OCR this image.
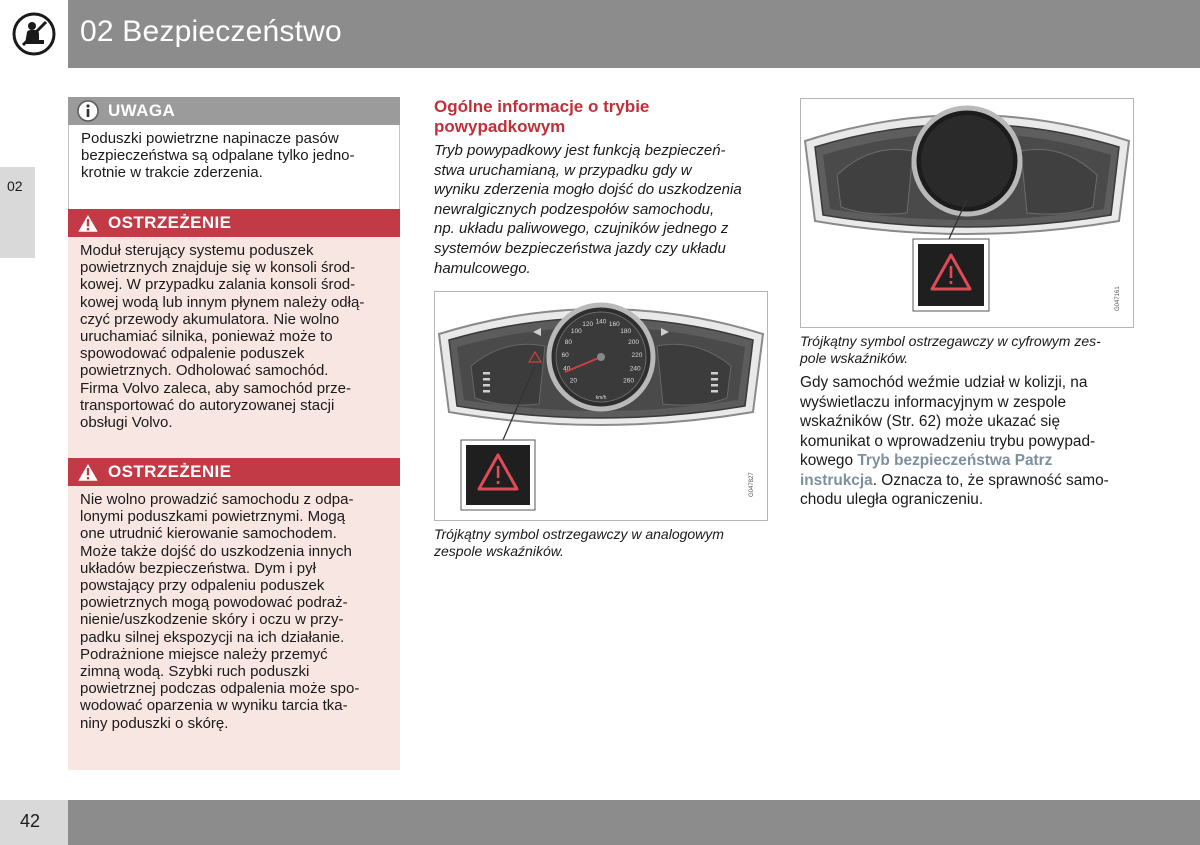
02 Bezpieczeństwo
02
UWAGA
Poduszki powietrzne napinacze pasów
bezpieczeństwa są odpalane tylko jedno-
krotnie w trakcie zderzenia.
OSTRZEŻENIE
Moduł sterujący systemu poduszek
powietrznych znajduje się w konsoli środ-
kowej. W przypadku zalania konsoli środ-
kowej wodą lub innym płynem należy odłą-
czyć przewody akumulatora. Nie wolno
uruchamiać silnika, ponieważ może to
spowodować odpalenie poduszek
powietrznych. Odholować samochód.
Firma Volvo zaleca, aby samochód prze-
transportować do autoryzowanej stacji
obsługi Volvo.
OSTRZEŻENIE
Nie wolno prowadzić samochodu z odpa-
lonymi poduszkami powietrznymi. Mogą
one utrudnić kierowanie samochodem.
Może także dojść do uszkodzenia innych
układów bezpieczeństwa. Dym i pył
powstający przy odpaleniu poduszek
powietrznych mogą powodować podraż-
nienie/uszkodzenie skóry i oczu w przy-
padku silnej ekspozycji na ich działanie.
Podrażnione miejsce należy przemyć
zimną wodą. Szybki ruch poduszki
powietrznej podczas odpalenia może spo-
wodować oparzenia w wyniku tarcia tka-
niny poduszki o skórę.
Ogólne informacje o trybie powypadkowym
Tryb powypadkowy jest funkcją bezpieczeń-
stwa uruchamianą, w przypadku gdy w
wyniku zderzenia mogło dojść do uszkodzenia
newralgicznych podzespołów samochodu,
np. układu paliwowego, czujników jednego z
systemów bezpieczeństwa jazdy czy układu
hamulcowego.
20
40
60
80
100
120 140 160
180
200
220
240
260
km/h
G047827
Trójkątny symbol ostrzegawczy w analogowym
zespole wskaźników.
G047161
Trójkątny symbol ostrzegawczy w cyfrowym zes-
pole wskaźników.
Gdy samochód weźmie udział w kolizji, na
wyświetlaczu informacyjnym w zespole
wskaźników (Str. 62) może ukazać się
komunikat o wprowadzeniu trybu powypad-
kowego Tryb bezpieczeństwa Patrz
instrukcja. Oznacza to, że sprawność samo-
chodu uległa ograniczeniu.
42
